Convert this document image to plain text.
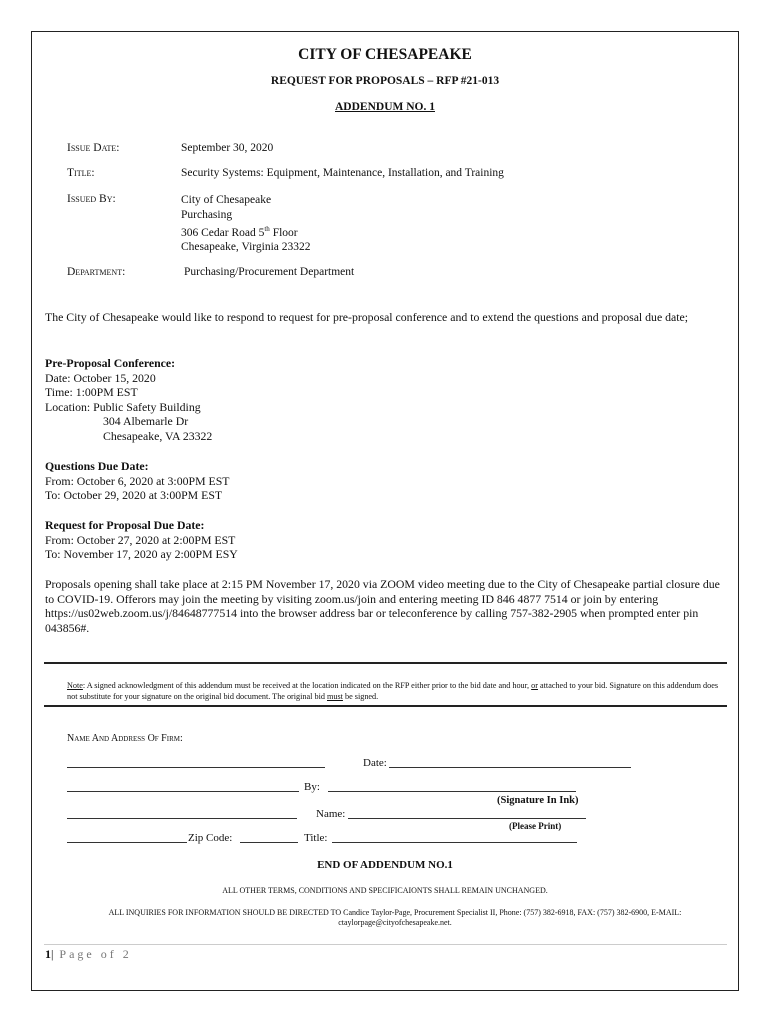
CITY OF CHESAPEAKE
REQUEST FOR PROPOSALS – RFP #21-013
ADDENDUM NO. 1
Issue Date:	September 30, 2020
Title:	Security Systems: Equipment, Maintenance, Installation, and Training
Issued By:	City of Chesapeake
Purchasing
306 Cedar Road 5th Floor
Chesapeake, Virginia 23322
Department:	Purchasing/Procurement Department
The City of Chesapeake would like to respond to request for pre-proposal conference and to extend the questions and proposal due date;
Pre-Proposal Conference:
Date: October 15, 2020
Time: 1:00PM EST
Location: Public Safety Building
304 Albemarle Dr
Chesapeake, VA 23322
Questions Due Date:
From: October 6, 2020 at 3:00PM EST
To: October 29, 2020 at 3:00PM EST
Request for Proposal Due Date:
From: October 27, 2020 at 2:00PM EST
To: November 17, 2020 ay 2:00PM ESY
Proposals opening shall take place at 2:15 PM November 17, 2020 via ZOOM video meeting due to the City of Chesapeake partial closure due to COVID-19. Offerors may join the meeting by visiting zoom.us/join and entering meeting ID 846 4877 7514 or join by entering https://us02web.zoom.us/j/84648777514 into the browser address bar or teleconference by calling 757-382-2905 when prompted enter pin 043856#.
Note: A signed acknowledgment of this addendum must be received at the location indicated on the RFP either prior to the bid date and hour, or attached to your bid. Signature on this addendum does not substitute for your signature on the original bid document. The original bid must be signed.
Name And Address Of Firm:
Date:
By:
(Signature In Ink)
Name:
(Please Print)
Zip Code:	Title:
END OF ADDENDUM NO.1
ALL OTHER TERMS, CONDITIONS AND SPECIFICAIONTS SHALL REMAIN UNCHANGED.
ALL INQUIRIES FOR INFORMATION SHOULD BE DIRECTED TO Candice Taylor-Page, Procurement Specialist II, Phone: (757) 382-6918, FAX: (757) 382-6900, E-MAIL:
ctaylorpage@cityofchesapeake.net.
1| Page of 2
